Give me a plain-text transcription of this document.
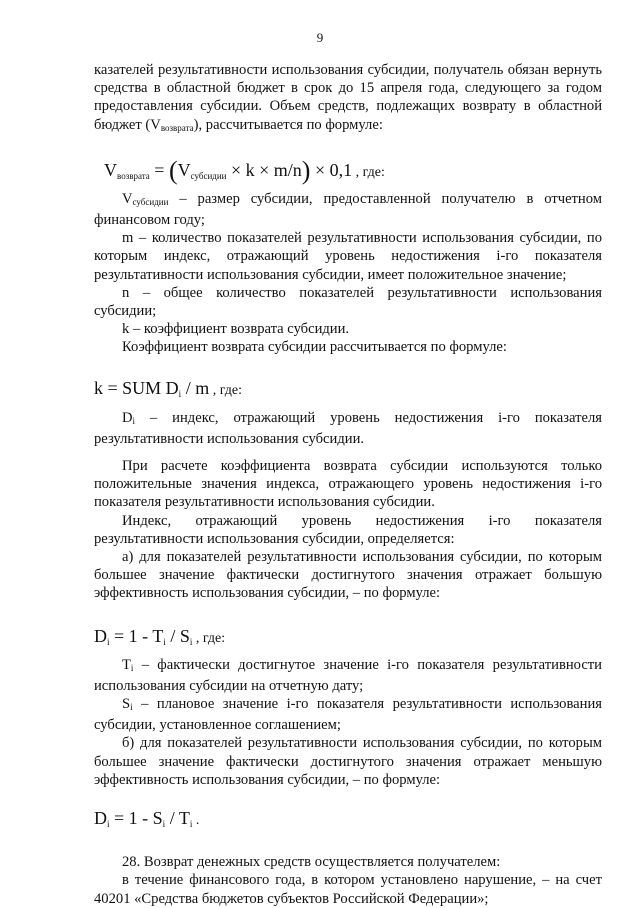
9

казателей результативности использования субсидии, получатель обязан вернуть средства в областной бюджет в срок до 15 апреля года, следующего за годом предоставления субсидии. Объем средств, подлежащих возврату в областной бюджет $(V_{возврата})$, рассчитывается по формуле:

$V_{возврата} = (V_{субсидии} \times k \times m/n) \times 0,1$ , где:

$V_{субсидии}$ – размер субсидии, предоставленной получателю в отчетном финансовом году;

m – количество показателей результативности использования субсидии, по которым индекс, отражающий уровень недостижения i-го показателя результативности использования субсидии, имеет положительное значение;

n – общее количество показателей результативности использования субсидии;

k – коэффициент возврата субсидии.

Коэффициент возврата субсидии рассчитывается по формуле:

k = SUM $D_i$ / m , где:

$D_i$ – индекс, отражающий уровень недостижения i-го показателя результативности использования субсидии.

При расчете коэффициента возврата субсидии используются только положительные значения индекса, отражающего уровень недостижения i-го показателя результативности использования субсидии.

Индекс, отражающий уровень недостижения i-го показателя результативности использования субсидии, определяется:

а) для показателей результативности использования субсидии, по которым большее значение фактически достигнутого значения отражает большую эффективность использования субсидии, – по формуле:

$D_i = 1 - T_i / S_i$ , где:

$T_i$ – фактически достигнутое значение i-го показателя результативности использования субсидии на отчетную дату;

$S_i$ – плановое значение i-го показателя результативности использования субсидии, установленное соглашением;

б) для показателей результативности использования субсидии, по которым большее значение фактически достигнутого значения отражает меньшую эффективность использования субсидии, – по формуле:

$D_i = 1 - S_i / T_i$ .

28. Возврат денежных средств осуществляется получателем:

в течение финансового года, в котором установлено нарушение, – на счет 40201 «Средства бюджетов субъектов Российской Федерации»;
